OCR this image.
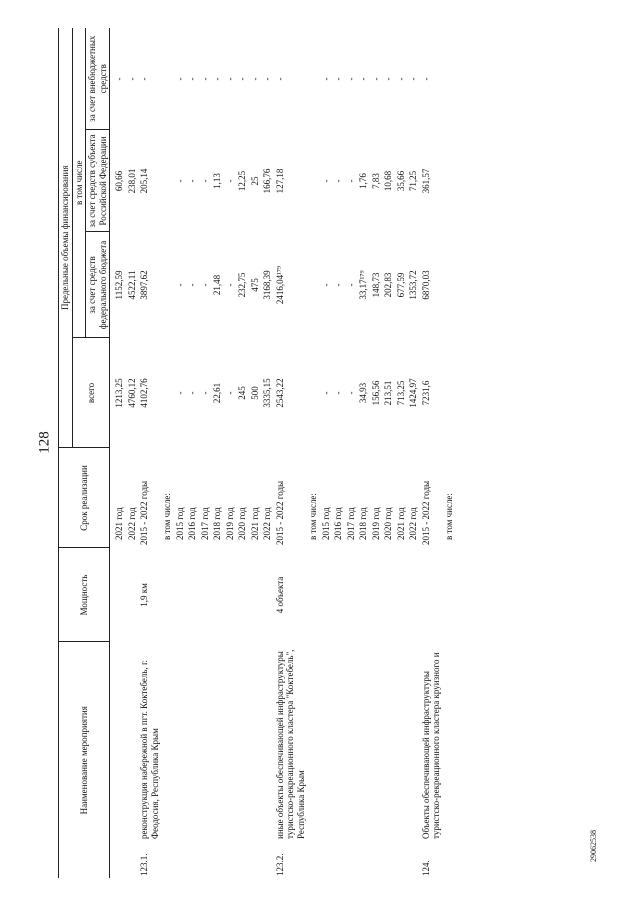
128
29062538
Наименование мероприятия		Мощность	Срок реализации	Предельные объемы финансирования			
				всего	в том числе		
					за счет средств федерального бюджета	за счет средств субъекта Российской Федерации	за счет внебюджетных средств

			2021 год	1213,25	1152,59	60,66	-
			2022 год	4760,12	4522,11	238,01	-
123.1.	реконструкция набережной в пгт. Коктебель, г. Феодосия, Республика Крым	1,9 км	2015 - 2022 годы	4102,76	3897,62	205,14	-
			в том числе:				
			2015 год	-	-	-	-
			2016 год	-	-	-	-
			2017 год	-	-	-	-
			2018 год	22,61	21,48	1,13	-
			2019 год	-	-	-	-
			2020 год	245	232,75	12,25	-
			2021 год	500	475	25	-
			2022 год	3335,15	3168,39	166,76	-
123.2.	иные объекты обеспечивающей инфраструктуры туристско-рекреационного кластера "Коктебель", Республика Крым	4 объекта	2015 - 2022 годы	2543,22	2416,04¹⁷⁹	127,18	-
			в том числе:				
			2015 год	-	-	-	-
			2016 год	-	-	-	-
			2017 год	-	-	-	-
			2018 год	34,93	33,17¹⁷⁹	1,76	-
			2019 год	156,56	148,73	7,83	-
			2020 год	213,51	202,83	10,68	-
			2021 год	713,25	677,59	35,66	-
			2022 год	1424,97	1353,72	71,25	-
124.	Объекты обеспечивающей инфраструктуры туристско-рекреационного кластера круизного и		2015 - 2022 годы	7231,6	6870,03	361,57	-
			в том числе:				
